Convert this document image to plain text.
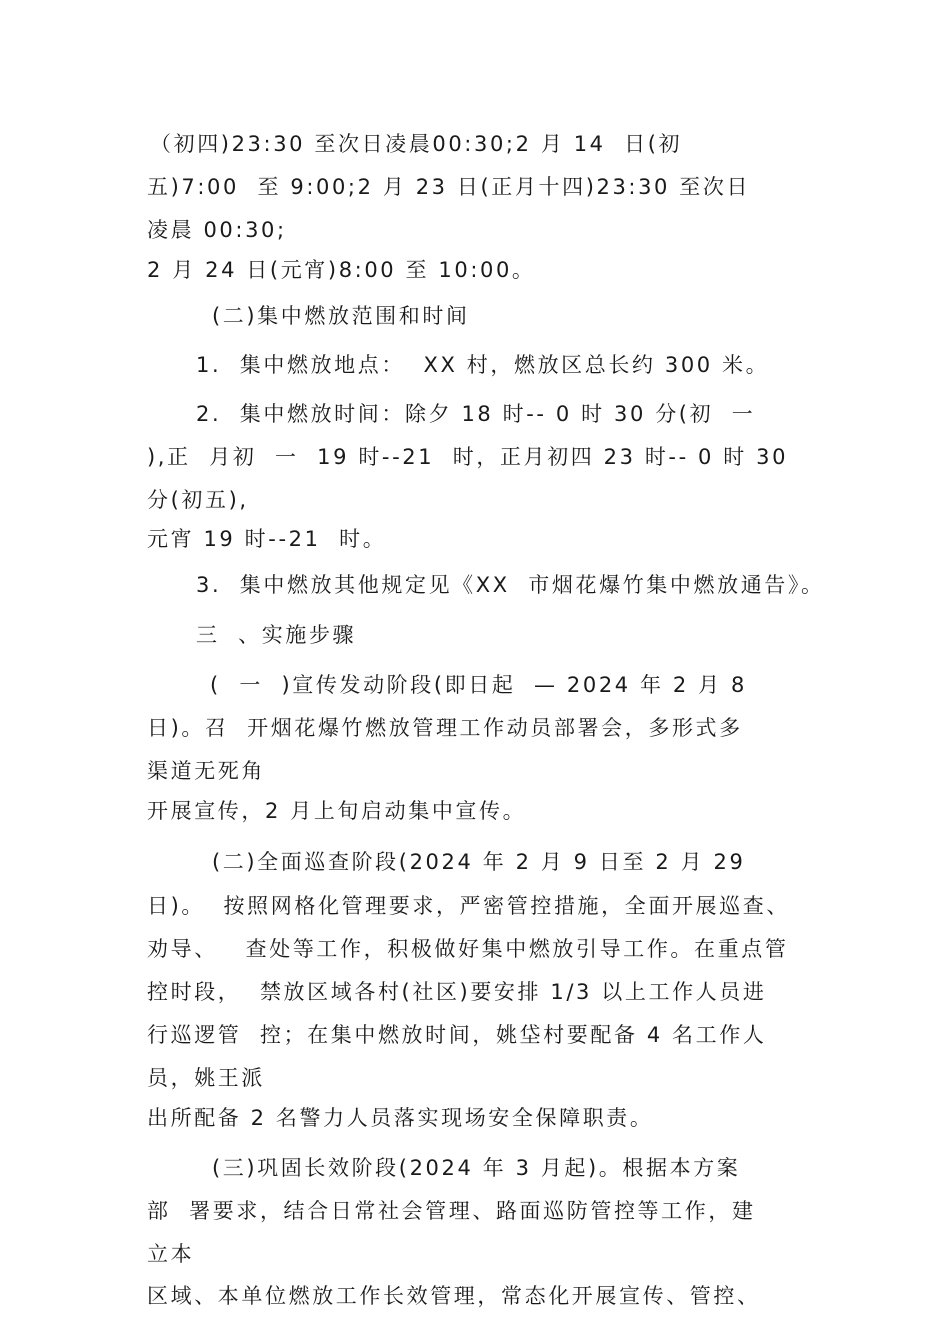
（初四)23:30 至次日凌晨00:30;2 月 14  日(初
五)7:00  至 9:00;2 月 23 日(正月十四)23:30 至次日
凌晨 00:30;
2 月 24 日(元宵)8:00 至 10:00。
(二)集中燃放范围和时间
1.  集中燃放地点：  XX 村，燃放区总长约 300 米。
2.  集中燃放时间：除夕 18 时-- 0 时 30 分(初  一
),正  月初  一  19 时--21  时，正月初四 23 时-- 0 时 30
分(初五),
元宵 19 时--21  时。
3.  集中燃放其他规定见《XX  市烟花爆竹集中燃放通告》。
三  、实施步骤
(  一  )宣传发动阶段(即日起  — 2024 年 2 月 8
日)。召  开烟花爆竹燃放管理工作动员部署会，多形式多
渠道无死角
开展宣传，2 月上旬启动集中宣传。
(二)全面巡查阶段(2024 年 2 月 9 日至 2 月 29
日)。  按照网格化管理要求，严密管控措施，全面开展巡查、
劝导、   查处等工作，积极做好集中燃放引导工作。在重点管
控时段，  禁放区域各村(社区)要安排 1/3 以上工作人员进
行巡逻管  控；在集中燃放时间，姚垈村要配备 4 名工作人
员，姚王派
出所配备 2 名警力人员落实现场安全保障职责。
(三)巩固长效阶段(2024 年 3 月起)。根据本方案
部  署要求，结合日常社会管理、路面巡防管控等工作，建
立本
区域、本单位燃放工作长效管理，常态化开展宣传、管控、
